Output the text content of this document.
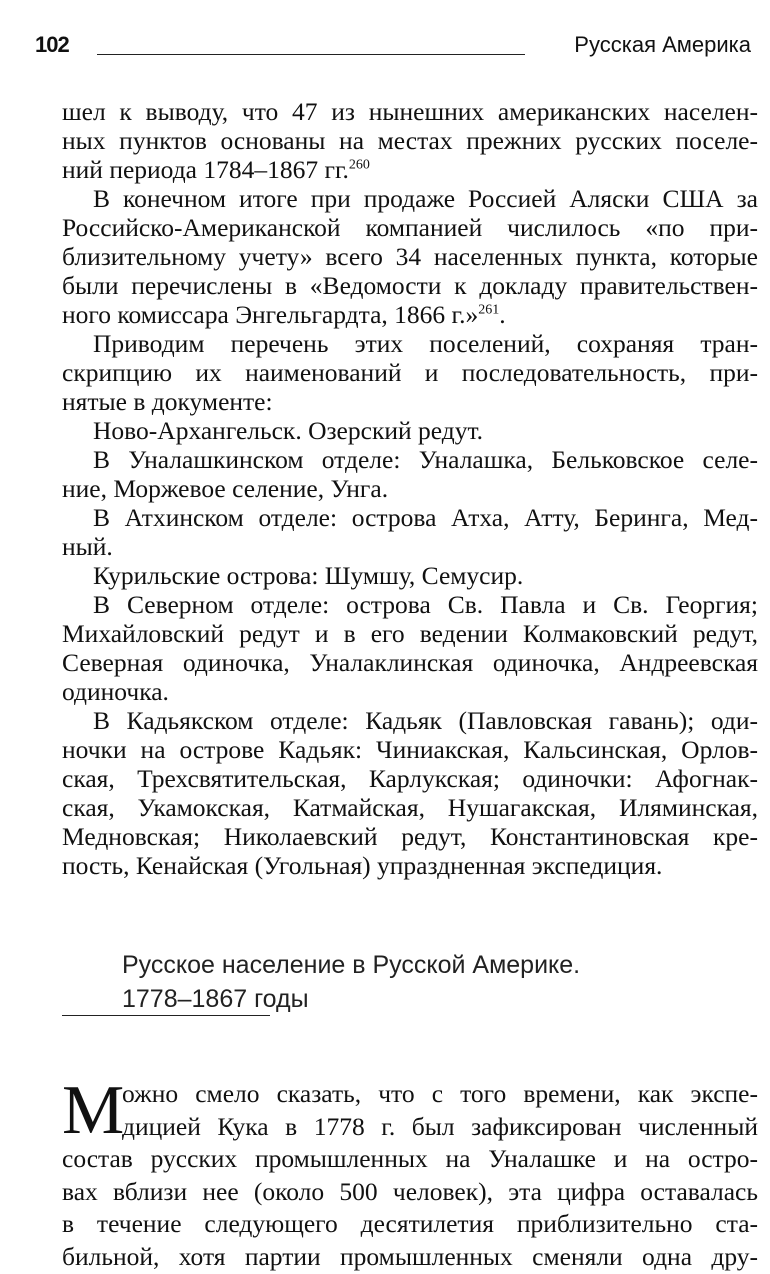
102	Русская Америка
шел к выводу, что 47 из нынешних американских населен-
ных пунктов основаны на местах прежних русских поселе-
ний периода 1784–1867 гг.$^{260}$
В конечном итоге при продаже Россией Аляски США за
Российско-Американской компанией числилось «по при-
близительному учету» всего 34 населенных пункта, которые
были перечислены в «Ведомости к докладу правительствен-
ного комиссара Энгельгардта, 1866 г.»$^{261}$.
Приводим перечень этих поселений, сохраняя тран-
скрипцию их наименований и последовательность, при-
нятые в документе:
Ново-Архангельск. Озерский редут.
В Уналашкинском отделе: Уналашка, Бельковское селе-
ние, Моржевое селение, Унга.
В Атхинском отделе: острова Атха, Атту, Беринга, Мед-
ный.
Курильские острова: Шумшу, Семусир.
В Северном отделе: острова Св. Павла и Св. Георгия;
Михайловский редут и в его ведении Колмаковский редут,
Северная одиночка, Уналаклинская одиночка, Андреевская
одиночка.
В Кадьякском отделе: Кадьяк (Павловская гавань); оди-
ночки на острове Кадьяк: Чиниакская, Кальсинская, Орлов-
ская, Трехсвятительская, Карлукская; одиночки: Афогнак-
ская, Укамокская, Катмайская, Нушагакская, Иляминская,
Медновская; Николаевский редут, Константиновская кре-
пость, Кенайская (Угольная) упраздненная экспедиция.
Русское население в Русской Америке.
1778–1867 годы
М
ожно смело сказать, что с того времени, как экспе-
дицией Кука в 1778 г. был зафиксирован численный
состав русских промышленных на Уналашке и на остро-
вах вблизи нее (около 500 человек), эта цифра оставалась
в течение следующего десятилетия приблизительно ста-
бильной, хотя партии промышленных сменяли одна дру-
